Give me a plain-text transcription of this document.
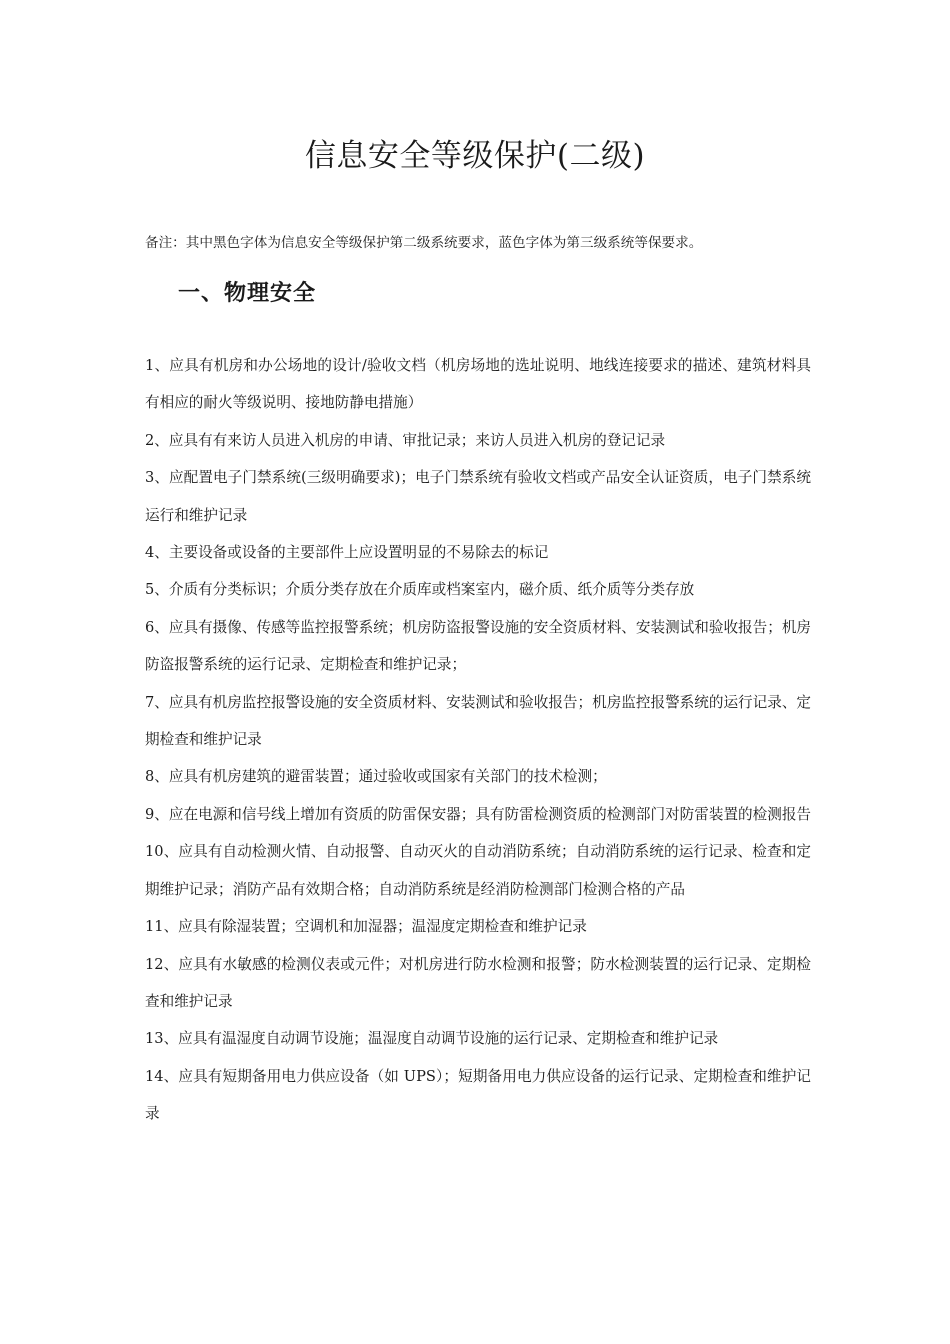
信息安全等级保护(二级)

备注：其中黑色字体为信息安全等级保护第二级系统要求，蓝色字体为第三级系统等保要求。

一、物理安全
1、应具有机房和办公场地的设计/验收文档（机房场地的选址说明、地线连接要求的描述、建筑材料具有相应的耐火等级说明、接地防静电措施）
2、应具有有来访人员进入机房的申请、审批记录；来访人员进入机房的登记记录
3、应配置电子门禁系统(三级明确要求)；电子门禁系统有验收文档或产品安全认证资质，电子门禁系统运行和维护记录
4、主要设备或设备的主要部件上应设置明显的不易除去的标记
5、介质有分类标识；介质分类存放在介质库或档案室内，磁介质、纸介质等分类存放
6、应具有摄像、传感等监控报警系统；机房防盗报警设施的安全资质材料、安装测试和验收报告；机房防盗报警系统的运行记录、定期检查和维护记录；
7、应具有机房监控报警设施的安全资质材料、安装测试和验收报告；机房监控报警系统的运行记录、定期检查和维护记录
8、应具有机房建筑的避雷装置；通过验收或国家有关部门的技术检测；
9、应在电源和信号线上增加有资质的防雷保安器；具有防雷检测资质的检测部门对防雷装置的检测报告
10、应具有自动检测火情、自动报警、自动灭火的自动消防系统；自动消防系统的运行记录、检查和定期维护记录；消防产品有效期合格；自动消防系统是经消防检测部门检测合格的产品
11、应具有除湿装置；空调机和加湿器；温湿度定期检查和维护记录
12、应具有水敏感的检测仪表或元件；对机房进行防水检测和报警；防水检测装置的运行记录、定期检查和维护记录
13、应具有温湿度自动调节设施；温湿度自动调节设施的运行记录、定期检查和维护记录
14、应具有短期备用电力供应设备（如 UPS）；短期备用电力供应设备的运行记录、定期检查和维护记录
